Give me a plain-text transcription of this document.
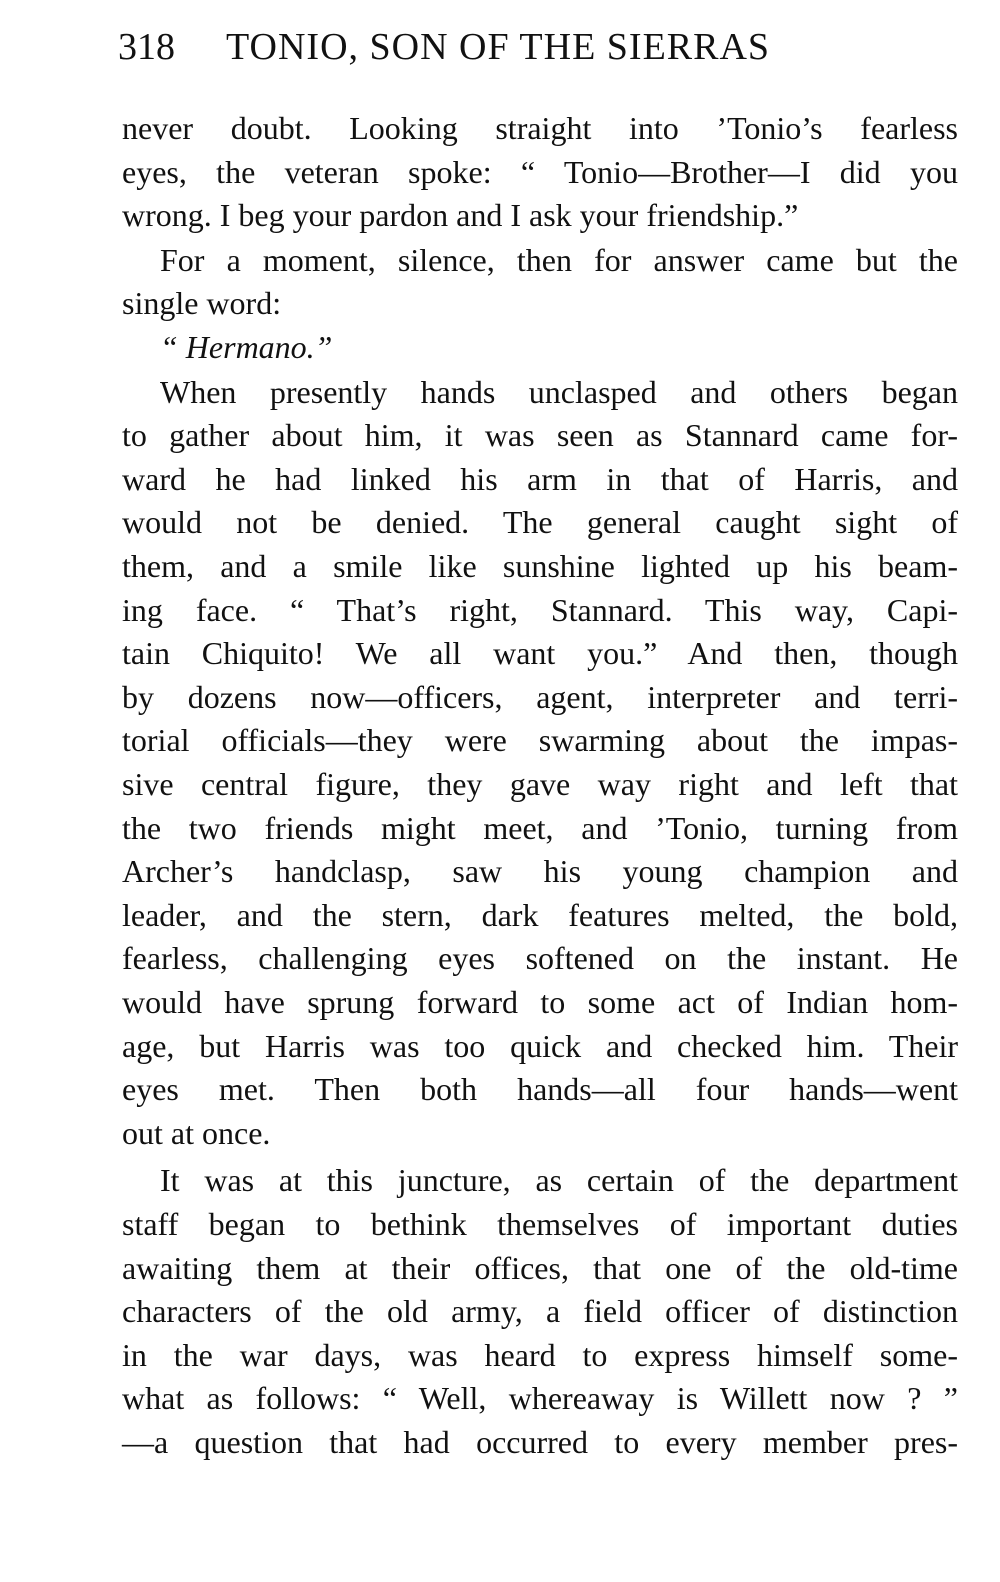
318 TONIO, SON OF THE SIERRAS
never doubt. Looking straight into ’Tonio’s fearless
eyes, the veteran spoke: “ Tonio—Brother—I did you
wrong. I beg your pardon and I ask your friendship.”
For a moment, silence, then for answer came but the
single word:
“ Hermano.”
When presently hands unclasped and others began
to gather about him, it was seen as Stannard came for-
ward he had linked his arm in that of Harris, and
would not be denied. The general caught sight of
them, and a smile like sunshine lighted up his beam-
ing face. “ That’s right, Stannard. This way, Capi-
tain Chiquito! We all want you.” And then, though
by dozens now—officers, agent, interpreter and terri-
torial officials—they were swarming about the impas-
sive central figure, they gave way right and left that
the two friends might meet, and ’Tonio, turning from
Archer’s handclasp, saw his young champion and
leader, and the stern, dark features melted, the bold,
fearless, challenging eyes softened on the instant. He
would have sprung forward to some act of Indian hom-
age, but Harris was too quick and checked him. Their
eyes met. Then both hands—all four hands—went
out at once.
It was at this juncture, as certain of the department
staff began to bethink themselves of important duties
awaiting them at their offices, that one of the old-time
characters of the old army, a field officer of distinction
in the war days, was heard to express himself some-
what as follows: “ Well, whereaway is Willett now ? ”
—a question that had occurred to every member pres-
